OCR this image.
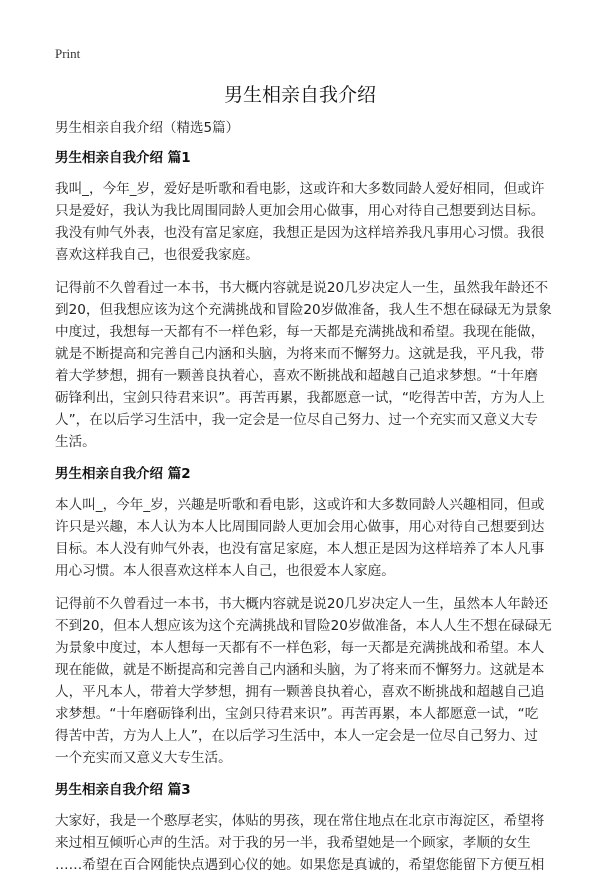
Print
男生相亲自我介绍
男生相亲自我介绍（精选5篇）
男生相亲自我介绍 篇1
我叫_，今年_岁，爱好是听歌和看电影，这或许和大多数同龄人爱好相同，但或许
只是爱好，我认为我比周围同龄人更加会用心做事，用心对待自己想要到达目标。
我没有帅气外表，也没有富足家庭，我想正是因为这样培养我凡事用心习惯。我很
喜欢这样我自己，也很爱我家庭。
记得前不久曾看过一本书，书大概内容就是说20几岁决定人一生，虽然我年龄还不
到20，但我想应该为这个充满挑战和冒险20岁做准备，我人生不想在碌碌无为景象
中度过，我想每一天都有不一样色彩，每一天都是充满挑战和希望。我现在能做，
就是不断提高和完善自己内涵和头脑，为将来而不懈努力。这就是我，平凡我，带
着大学梦想，拥有一颗善良执着心，喜欢不断挑战和超越自己追求梦想。“十年磨
砺锋利出，宝剑只待君来识”。再苦再累，我都愿意一试，“吃得苦中苦，方为人上
人”，在以后学习生活中，我一定会是一位尽自己努力、过一个充实而又意义大专
生活。
男生相亲自我介绍 篇2
本人叫_，今年_岁，兴趣是听歌和看电影，这或许和大多数同龄人兴趣相同，但或
许只是兴趣，本人认为本人比周围同龄人更加会用心做事，用心对待自己想要到达
目标。本人没有帅气外表，也没有富足家庭，本人想正是因为这样培养了本人凡事
用心习惯。本人很喜欢这样本人自己，也很爱本人家庭。
记得前不久曾看过一本书，书大概内容就是说20几岁决定人一生，虽然本人年龄还
不到20，但本人想应该为这个充满挑战和冒险20岁做准备，本人人生不想在碌碌无
为景象中度过，本人想每一天都有不一样色彩，每一天都是充满挑战和希望。本人
现在能做，就是不断提高和完善自己内涵和头脑，为了将来而不懈努力。这就是本
人，平凡本人，带着大学梦想，拥有一颗善良执着心，喜欢不断挑战和超越自己追
求梦想。“十年磨砺锋利出，宝剑只待君来识”。再苦再累，本人都愿意一试，“吃
得苦中苦，方为人上人”，在以后学习生活中，本人一定会是一位尽自己努力、过
一个充实而又意义大专生活。
男生相亲自我介绍 篇3
大家好，我是一个憨厚老实，体贴的男孩，现在常住地点在北京市海淀区，希望将
来过相互倾听心声的生活。对于我的另一半，我希望她是一个顾家，孝顺的女生
……希望在百合网能快点遇到心仪的她。如果您是真诚的，希望您能留下方便互相
